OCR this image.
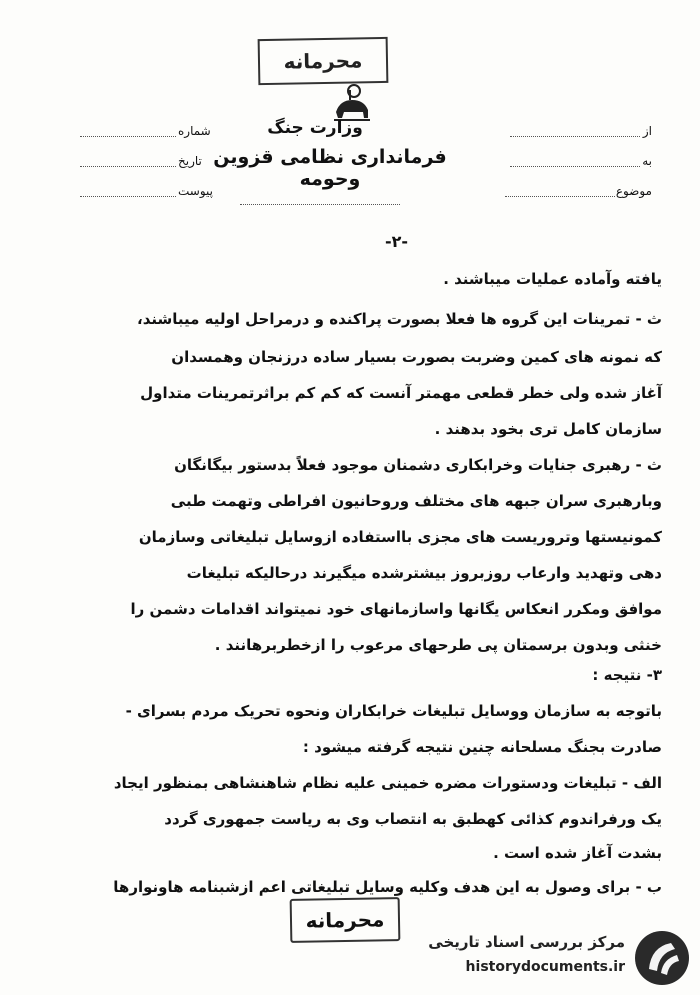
محرمانه
وزارت جنگ
فرمانداری نظامی قزوین وحومه
از
به
موضوع
شماره
تاریخ
پیوست
-۲-
یافته وآماده عملیات میباشند .
ث - تمرینات این گروه ها فعلا بصورت پراکنده و درمراحل اولیه میباشند،
که نمونه های کمین وضربت بصورت بسیار ساده درزنجان وهمسدان
آغاز شده ولی خطر قطعی مهمتر آنست که کم کم براثرتمرینات متداول
سازمان کامل تری بخود بدهند .
ث - رهبری جنایات وخرابکاری دشمنان موجود فعلاً بدستور بیگانگان
وبارهبری سران جبهه های مختلف وروحانیون افراطی وتهمت طبی
کمونیستها وتروریست های مجزی بااستفاده ازوسایل تبلیغاتی وسازمان
دهی وتهدید وارعاب روزبروز بیشترشده میگیرند درحالیکه تبلیغات
موافق ومکرر انعکاس یگانها واسازمانهای خود نمیتواند اقدامات دشمن را
خنثی وبدون برسمتان پی طرحهای مرعوب را ازخطربرهانند .
۳- نتیجه :
باتوجه به سازمان ووسایل تبلیغات خرابکاران ونحوه تحریک مردم بسرای -
صادرت بجنگ مسلحانه چنین نتیجه گرفته میشود :
الف - تبلیغات ودستورات مضره خمینی علیه نظام شاهنشاهی بمنظور ایجاد
یک ورفراندوم کذائی کهطبق به انتصاب وی به ریاست جمهوری گردد
بشدت آغاز شده است .
ب - برای وصول به این هدف وکلیه وسایل تبلیغاتی اعم ازشبنامه هاونوارها
محرمانه
مرکز بررسی اسناد تاریخی
historydocuments.ir
